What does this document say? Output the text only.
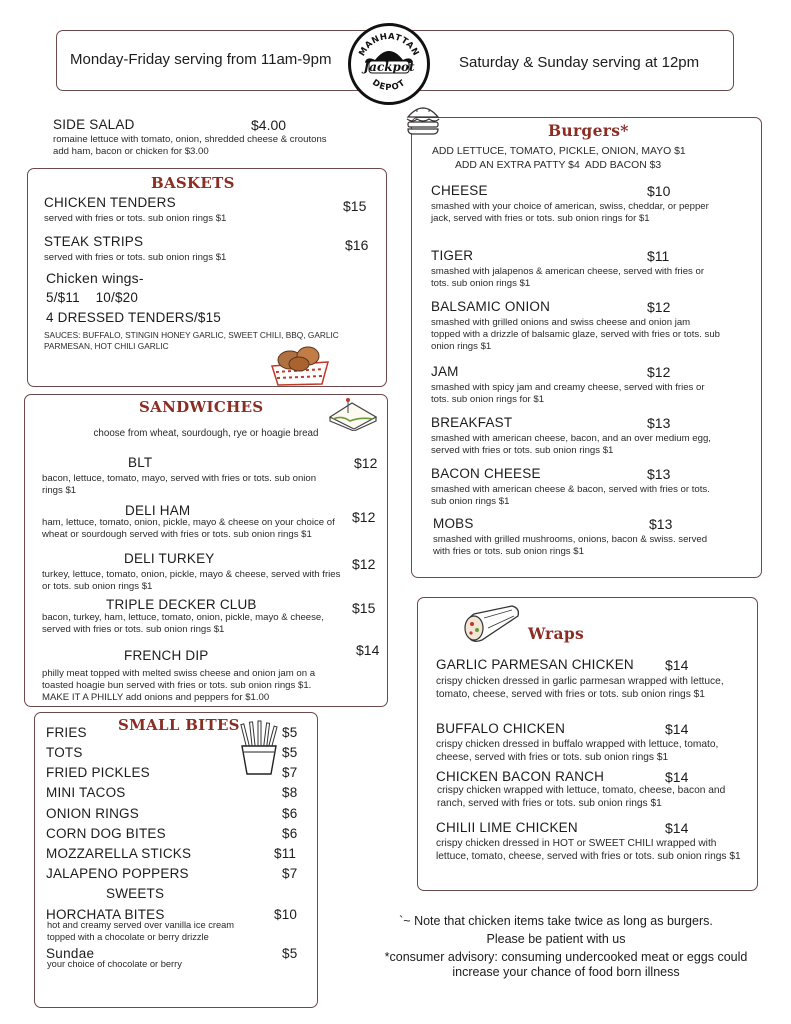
Monday-Friday serving from 11am-9pm	Saturday & Sunday serving at 12pm
MANHATTAN
DEPOT
Jackpot
SIDE SALAD	$4.00
romaine lettuce with tomato, onion, shredded cheese & croutons
add ham, bacon or chicken for $3.00
BASKETS
CHICKEN TENDERS	$15
served with fries or tots. sub onion rings $1
STEAK STRIPS	$16
served with fries or tots. sub onion rings $1
Chicken wings-
5/$11    10/$20
4 DRESSED TENDERS/$15
SAUCES: BUFFALO, STINGIN HONEY GARLIC, SWEET CHILI, BBQ, GARLIC PARMESAN, HOT CHILI GARLIC
SANDWICHES
choose from wheat, sourdough, rye or hoagie bread
BLT	$12
bacon, lettuce, tomato, mayo, served with fries or tots. sub onion rings $1
DELI HAM	$12
ham, lettuce, tomato, onion, pickle, mayo & cheese on your choice of wheat or sourdough served with fries or tots. sub onion rings $1
DELI TURKEY	$12
turkey, lettuce, tomato, onion, pickle, mayo & cheese, served with fries or tots. sub onion rings $1
TRIPLE DECKER CLUB	$15
bacon, turkey, ham, lettuce, tomato, onion, pickle, mayo & cheese, served with fries or tots. sub onion rings $1
FRENCH DIP	$14
philly meat topped with melted swiss cheese and onion jam on a toasted hoagie bun served with fries or tots. sub onion rings $1.
MAKE IT A PHILLY add onions and peppers for $1.00
SMALL BITES
FRIES	$5
TOTS	$5
FRIED PICKLES	$7
MINI TACOS	$8
ONION RINGS	$6
CORN DOG BITES	$6
MOZZARELLA STICKS	$11
JALAPENO POPPERS	$7
SWEETS
HORCHATA BITES	$10
hot and creamy served over vanilla ice cream
topped with a chocolate or berry drizzle
Sundae	$5
your choice of chocolate or berry
Burgers*
ADD LETTUCE, TOMATO, PICKLE, ONION, MAYO $1
ADD AN EXTRA PATTY $4  ADD BACON $3
CHEESE	$10
smashed with your choice of american, swiss, cheddar, or pepper jack, served with fries or tots. sub onion rings for $1
TIGER	$11
smashed with jalapenos & american cheese, served with fries or tots. sub onion rings $1
BALSAMIC ONION	$12
smashed with grilled onions and swiss cheese and onion jam topped with a drizzle of balsamic glaze, served with fries or tots. sub onion rings $1
JAM	$12
smashed with spicy jam and creamy cheese, served with fries or tots. sub onion rings for $1
BREAKFAST	$13
smashed with american cheese, bacon, and an over medium egg, served with fries or tots. sub onion rings $1
BACON CHEESE	$13
smashed with american cheese & bacon, served with fries or tots. sub onion rings $1
MOBS	$13
smashed with grilled mushrooms, onions, bacon & swiss. served with fries or tots. sub onion rings $1
Wraps
GARLIC PARMESAN CHICKEN $14
crispy chicken dressed in garlic parmesan wrapped with lettuce, tomato, cheese, served with fries or tots. sub onion rings $1
BUFFALO CHICKEN	$14
crispy chicken dressed in buffalo wrapped with lettuce, tomato, cheese, served with fries or tots. sub onion rings $1
CHICKEN BACON RANCH	$14
crispy chicken wrapped with lettuce, tomato, cheese, bacon and ranch, served with fries or tots. sub onion rings $1
CHILII LIME CHICKEN	$14
crispy chicken dressed in HOT or SWEET CHILI wrapped with lettuce, tomato, cheese, served with fries or tots. sub onion rings $1
`~ Note that chicken items take twice as long as burgers.
Please be patient with us
*consumer advisory: consuming undercooked meat or eggs could
increase your chance of food born illness
